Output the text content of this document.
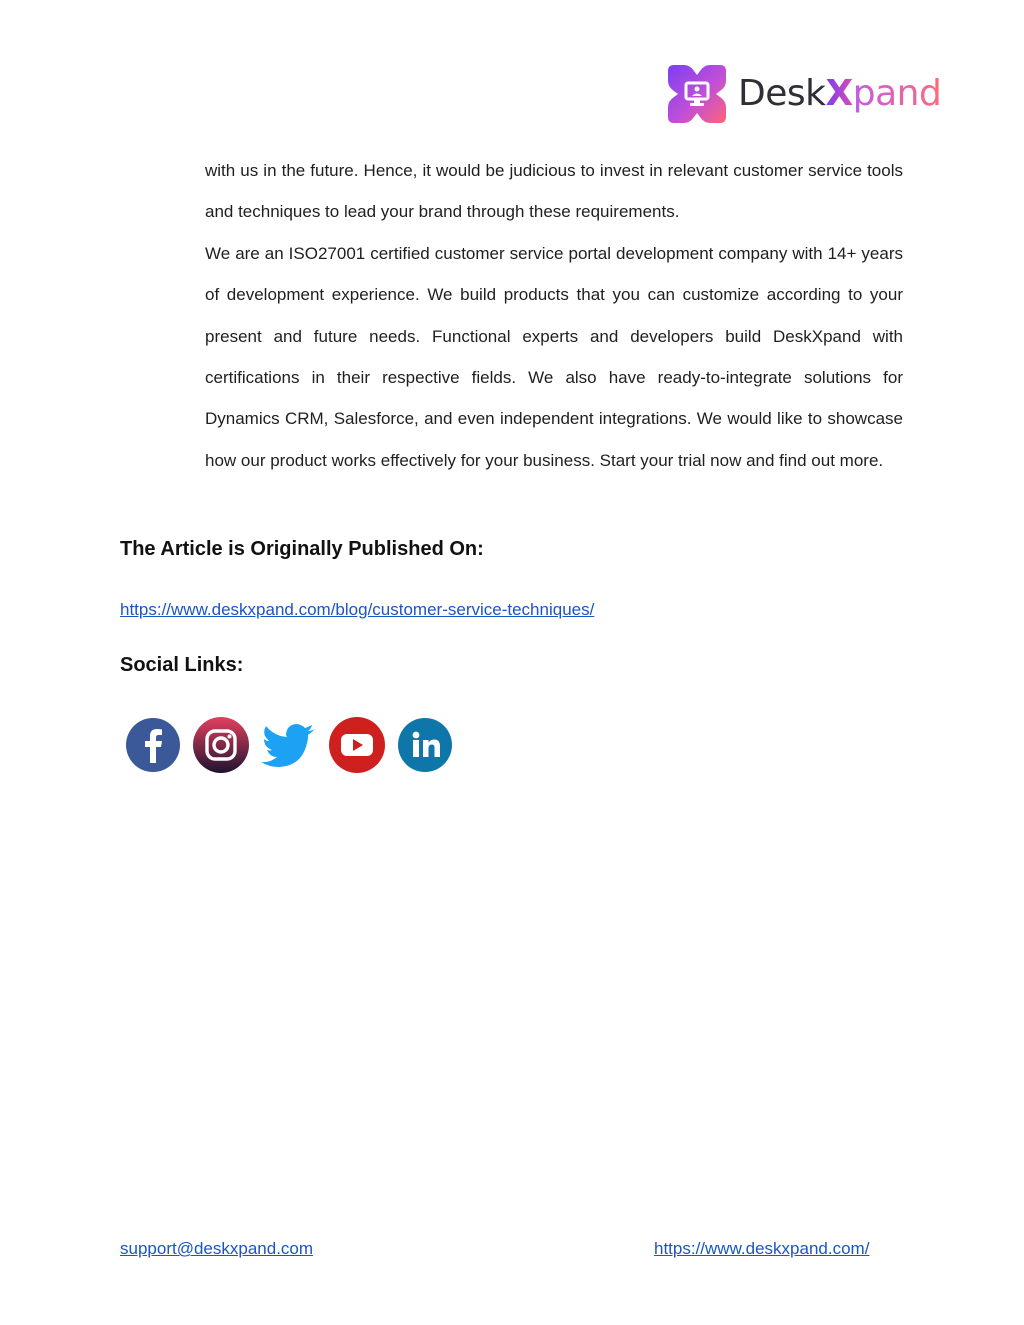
DeskXpand

with us in the future. Hence, it would be judicious to invest in relevant customer service tools and techniques to lead your brand through these requirements.

We are an ISO27001 certified customer service portal development company with 14+ years of development experience. We build products that you can customize according to your present and future needs. Functional experts and developers build DeskXpand with certifications in their respective fields. We also have ready-to-integrate solutions for Dynamics CRM, Salesforce, and even independent integrations. We would like to showcase how our product works effectively for your business. Start your trial now and find out more.

The Article is Originally Published On:
https://www.deskxpand.com/blog/customer-service-techniques/
Social Links:
support@deskxpand.com	https://www.deskxpand.com/
